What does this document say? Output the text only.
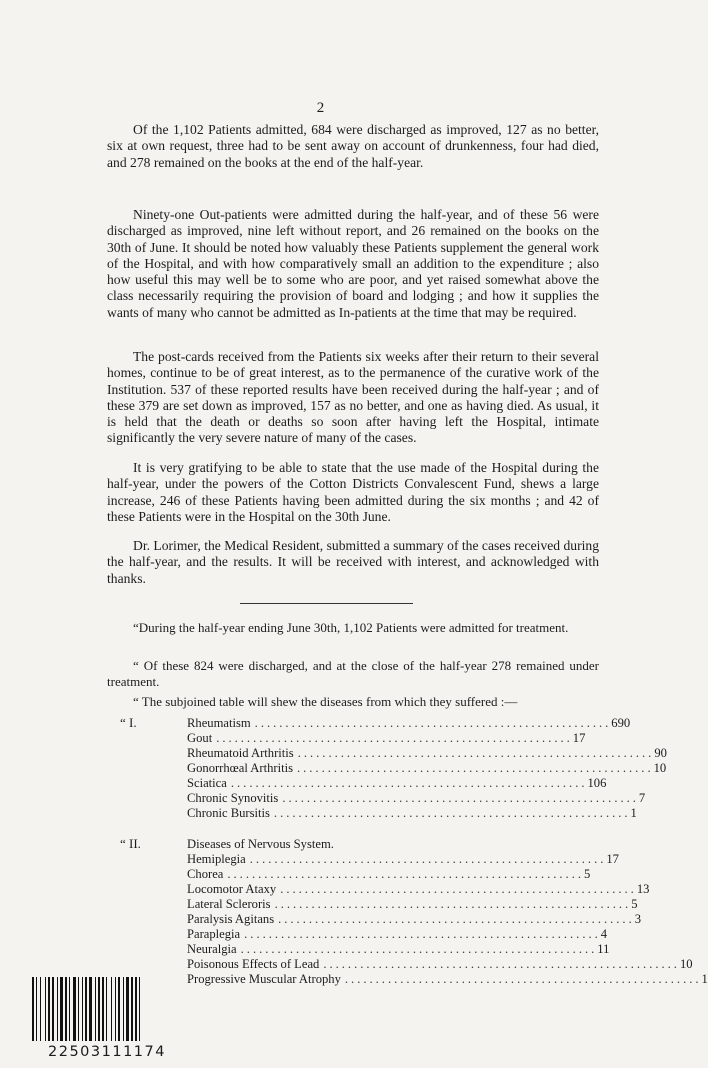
2

Of the 1,102 Patients admitted, 684 were discharged as improved, 127 as no better, six at own request, three had to be sent away on account of drunkenness, four had died, and 278 remained on the books at the end of the half-year.

Ninety-one Out-patients were admitted during the half-year, and of these 56 were discharged as improved, nine left without report, and 26 remained on the books on the 30th of June. It should be noted how valuably these Patients supplement the general work of the Hospital, and with how comparatively small an addition to the expenditure ; also how useful this may well be to some who are poor, and yet raised somewhat above the class necessarily requiring the provision of board and lodging ; and how it supplies the wants of many who cannot be admitted as In-patients at the time that may be required.

The post-cards received from the Patients six weeks after their return to their several homes, continue to be of great interest, as to the permanence of the curative work of the Institution. 537 of these reported results have been received during the half-year ; and of these 379 are set down as improved, 157 as no better, and one as having died. As usual, it is held that the death or deaths so soon after having left the Hospital, intimate significantly the very severe nature of many of the cases.

It is very gratifying to be able to state that the use made of the Hospital during the half-year, under the powers of the Cotton Districts Convalescent Fund, shews a large increase, 246 of these Patients having been admitted during the six months ; and 42 of these Patients were in the Hospital on the 30th June.

Dr. Lorimer, the Medical Resident, submitted a summary of the cases received during the half-year, and the results. It will be received with interest, and acknowledged with thanks.

“During the half-year ending June 30th, 1,102 Patients were admitted for treatment.

“ Of these 824 were discharged, and at the close of the half-year 278 remained under treatment.

“ The subjoined table will shew the diseases from which they suffered :—

“ I.	Rheumatism .......................................................... 690
Gout .......................................................... 17
Rheumatoid Arthritis .......................................................... 90
Gonorrhœal Arthritis .......................................................... 10
Sciatica .......................................................... 106
Chronic Synovitis .......................................................... 7
Chronic Bursitis .......................................................... 1
“ II.	Diseases of Nervous System.
Hemiplegia .......................................................... 17
Chorea .......................................................... 5
Locomotor Ataxy .......................................................... 13
Lateral Scleroris .......................................................... 5
Paralysis Agitans .......................................................... 3
Paraplegia .......................................................... 4
Neuralgia .......................................................... 11
Poisonous Effects of Lead .......................................................... 10
Progressive Muscular Atrophy .......................................................... 1
22503111174
